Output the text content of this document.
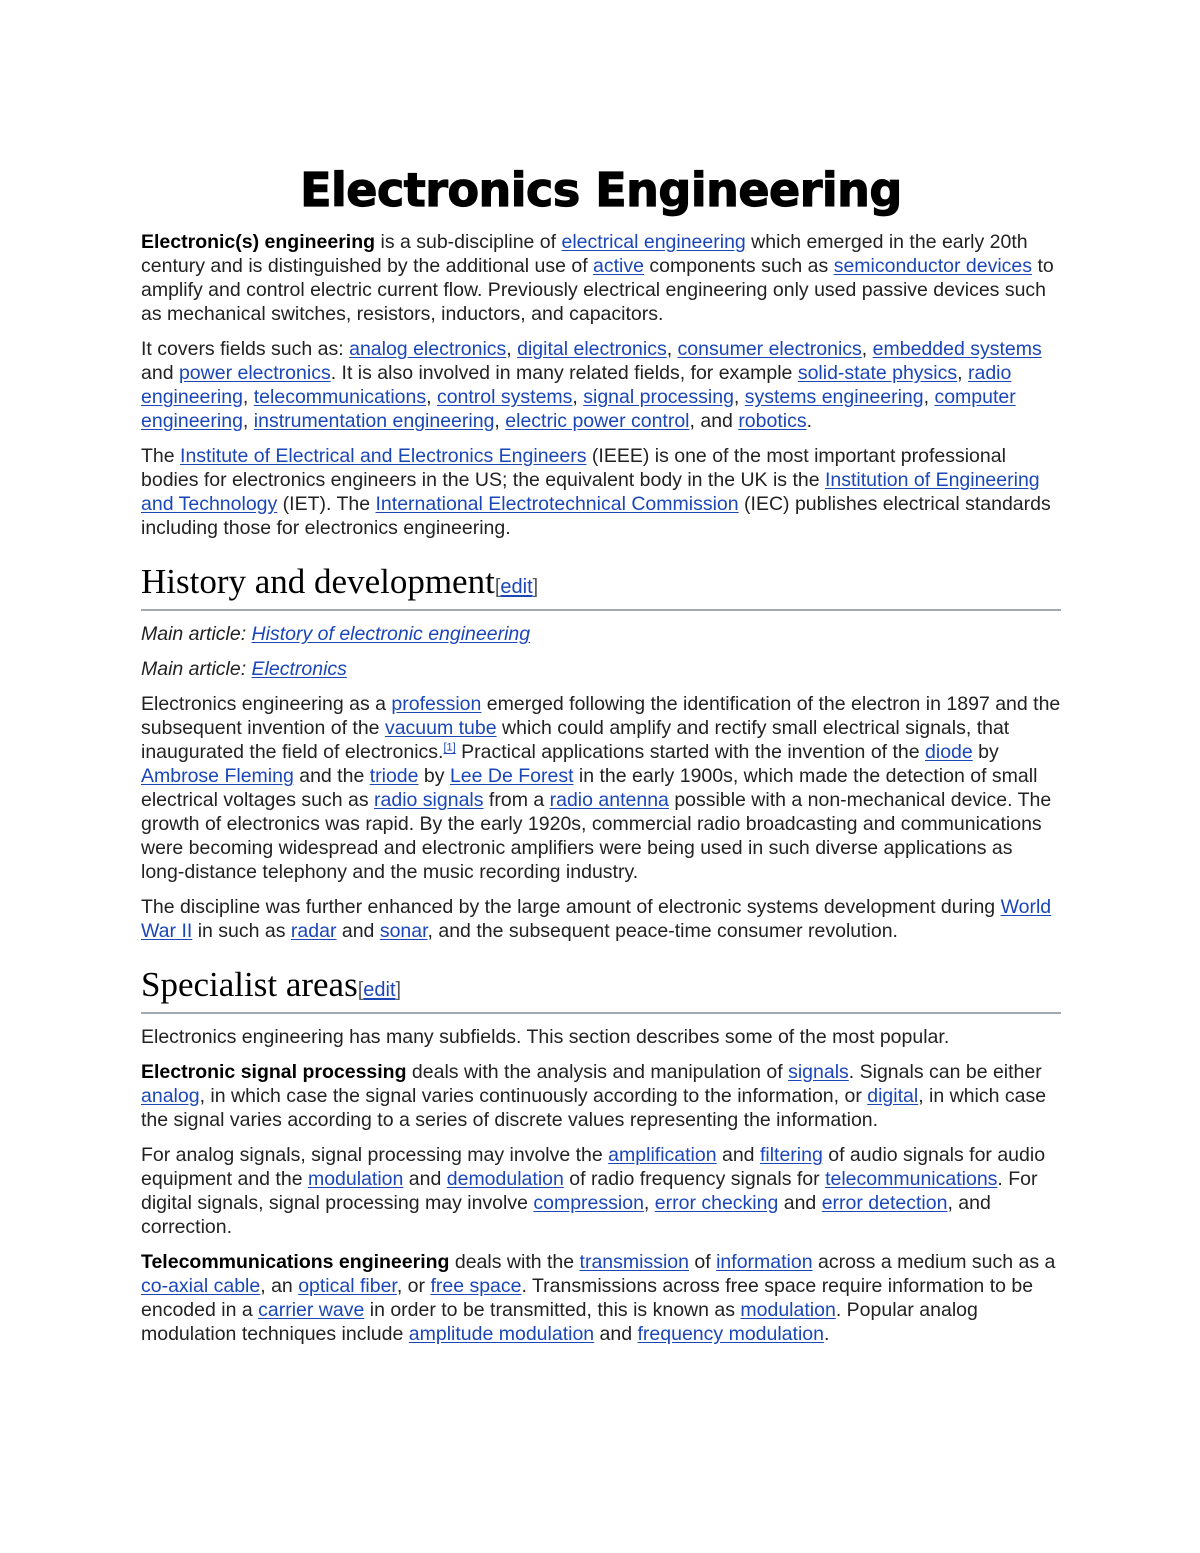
Electronics Engineering

Electronic(s) engineering is a sub-discipline of electrical engineering which emerged in the early 20th century and is distinguished by the additional use of active components such as semiconductor devices to amplify and control electric current flow. Previously electrical engineering only used passive devices such as mechanical switches, resistors, inductors, and capacitors.

It covers fields such as: analog electronics, digital electronics, consumer electronics, embedded systems and power electronics. It is also involved in many related fields, for example solid-state physics, radio engineering, telecommunications, control systems, signal processing, systems engineering, computer engineering, instrumentation engineering, electric power control, and robotics.

The Institute of Electrical and Electronics Engineers (IEEE) is one of the most important professional bodies for electronics engineers in the US; the equivalent body in the UK is the Institution of Engineering and Technology (IET). The International Electrotechnical Commission (IEC) publishes electrical standards including those for electronics engineering.

History and development[edit]

Main article: History of electronic engineering

Main article: Electronics

Electronics engineering as a profession emerged following the identification of the electron in 1897 and the subsequent invention of the vacuum tube which could amplify and rectify small electrical signals, that inaugurated the field of electronics.[1] Practical applications started with the invention of the diode by Ambrose Fleming and the triode by Lee De Forest in the early 1900s, which made the detection of small electrical voltages such as radio signals from a radio antenna possible with a non-mechanical device. The growth of electronics was rapid. By the early 1920s, commercial radio broadcasting and communications were becoming widespread and electronic amplifiers were being used in such diverse applications as long-distance telephony and the music recording industry.

The discipline was further enhanced by the large amount of electronic systems development during World War II in such as radar and sonar, and the subsequent peace-time consumer revolution.

Specialist areas[edit]

Electronics engineering has many subfields. This section describes some of the most popular.

Electronic signal processing deals with the analysis and manipulation of signals. Signals can be either analog, in which case the signal varies continuously according to the information, or digital, in which case the signal varies according to a series of discrete values representing the information.

For analog signals, signal processing may involve the amplification and filtering of audio signals for audio equipment and the modulation and demodulation of radio frequency signals for telecommunications. For digital signals, signal processing may involve compression, error checking and error detection, and correction.

Telecommunications engineering deals with the transmission of information across a medium such as a co-axial cable, an optical fiber, or free space. Transmissions across free space require information to be encoded in a carrier wave in order to be transmitted, this is known as modulation. Popular analog modulation techniques include amplitude modulation and frequency modulation.
